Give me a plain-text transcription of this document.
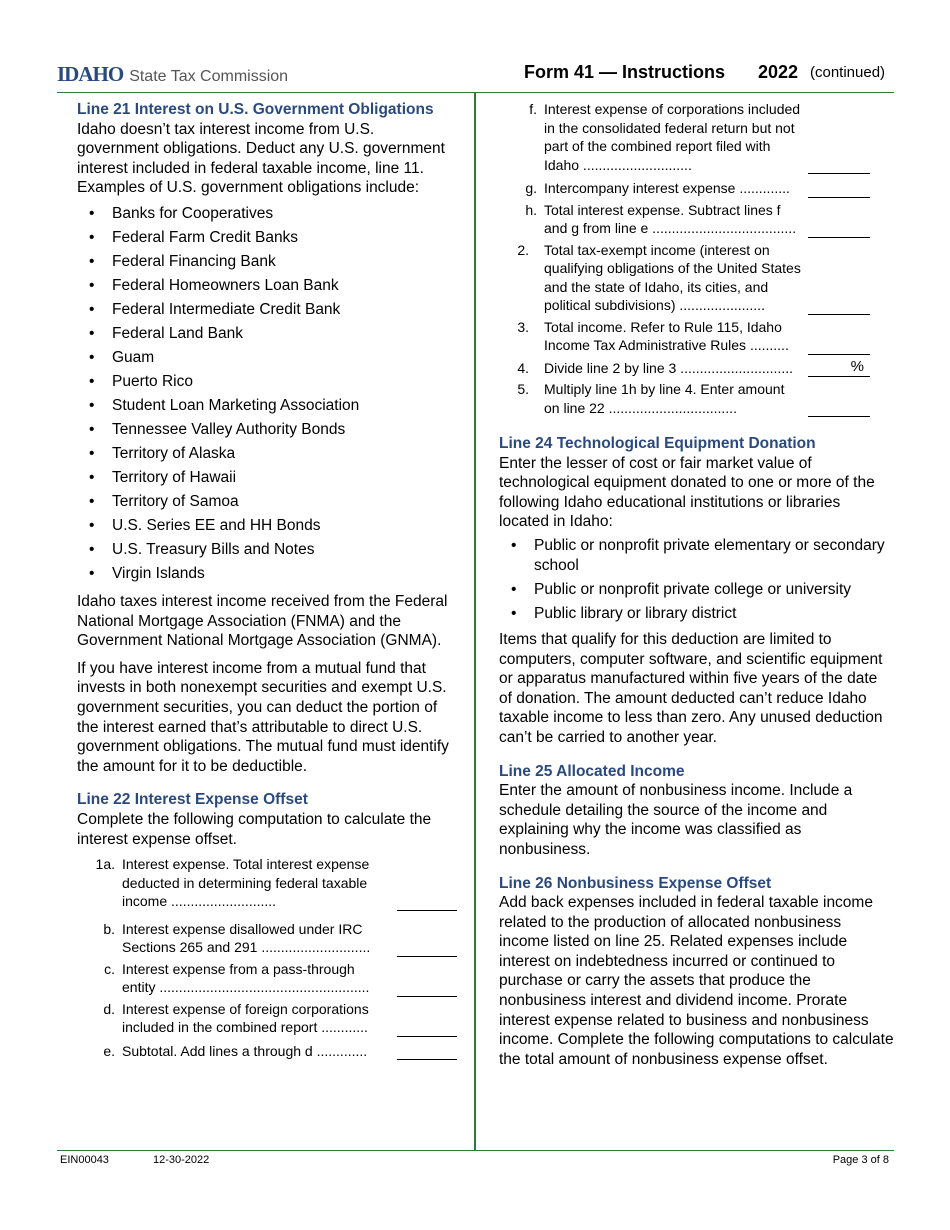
IDAHO State Tax Commission	Form 41 — Instructions 2022 (continued)
Line 21 Interest on U.S. Government Obligations

Idaho doesn’t tax interest income from U.S. government obligations. Deduct any U.S. government interest included in federal taxable income, line 11. Examples of U.S. government obligations include:

• Banks for Cooperatives
• Federal Farm Credit Banks
• Federal Financing Bank
• Federal Homeowners Loan Bank
• Federal Intermediate Credit Bank
• Federal Land Bank
• Guam
• Puerto Rico
• Student Loan Marketing Association
• Tennessee Valley Authority Bonds
• Territory of Alaska
• Territory of Hawaii
• Territory of Samoa
• U.S. Series EE and HH Bonds
• U.S. Treasury Bills and Notes
• Virgin Islands

Idaho taxes interest income received from the Federal National Mortgage Association (FNMA) and the Government National Mortgage Association (GNMA).

If you have interest income from a mutual fund that invests in both nonexempt securities and exempt U.S. government securities, you can deduct the portion of the interest earned that’s attributable to direct U.S. government obligations. The mutual fund must identify the amount for it to be deductible.

Line 22 Interest Expense Offset

Complete the following computation to calculate the interest expense offset.

1a. Interest expense. Total interest expense deducted in determining federal taxable income ...........................
b. Interest expense disallowed under IRC Sections 265 and 291 ............................
c. Interest expense from a pass-through entity ......................................................
d. Interest expense of foreign corporations included in the combined report ............
e. Subtotal. Add lines a through d .............
f. Interest expense of corporations included in the consolidated federal return but not part of the combined report filed with Idaho ............................
g. Intercompany interest expense .............
h. Total interest expense. Subtract lines f and g from line e .....................................
2. Total tax-exempt income (interest on qualifying obligations of the United States and the state of Idaho, its cities, and political subdivisions) ......................
3. Total income. Refer to Rule 115, Idaho Income Tax Administrative Rules ..........
4. Divide line 2 by line 3 .............................	%
5. Multiply line 1h by line 4. Enter amount on line 22 .................................
Line 24 Technological Equipment Donation

Enter the lesser of cost or fair market value of technological equipment donated to one or more of the following Idaho educational institutions or libraries located in Idaho:

• Public or nonprofit private elementary or secondary school
• Public or nonprofit private college or university
• Public library or library district

Items that qualify for this deduction are limited to computers, computer software, and scientific equipment or apparatus manufactured within five years of the date of donation. The amount deducted can’t reduce Idaho taxable income to less than zero. Any unused deduction can’t be carried to another year.

Line 25 Allocated Income

Enter the amount of nonbusiness income. Include a schedule detailing the source of the income and explaining why the income was classified as nonbusiness.

Line 26 Nonbusiness Expense Offset

Add back expenses included in federal taxable income related to the production of allocated nonbusiness income listed on line 25. Related expenses include interest on indebtedness incurred or continued to purchase or carry the assets that produce the nonbusiness interest and dividend income. Prorate interest expense related to business and nonbusiness income. Complete the following computations to calculate the total amount of nonbusiness expense offset.

EIN00043	12-30-2022	Page 3 of 8
